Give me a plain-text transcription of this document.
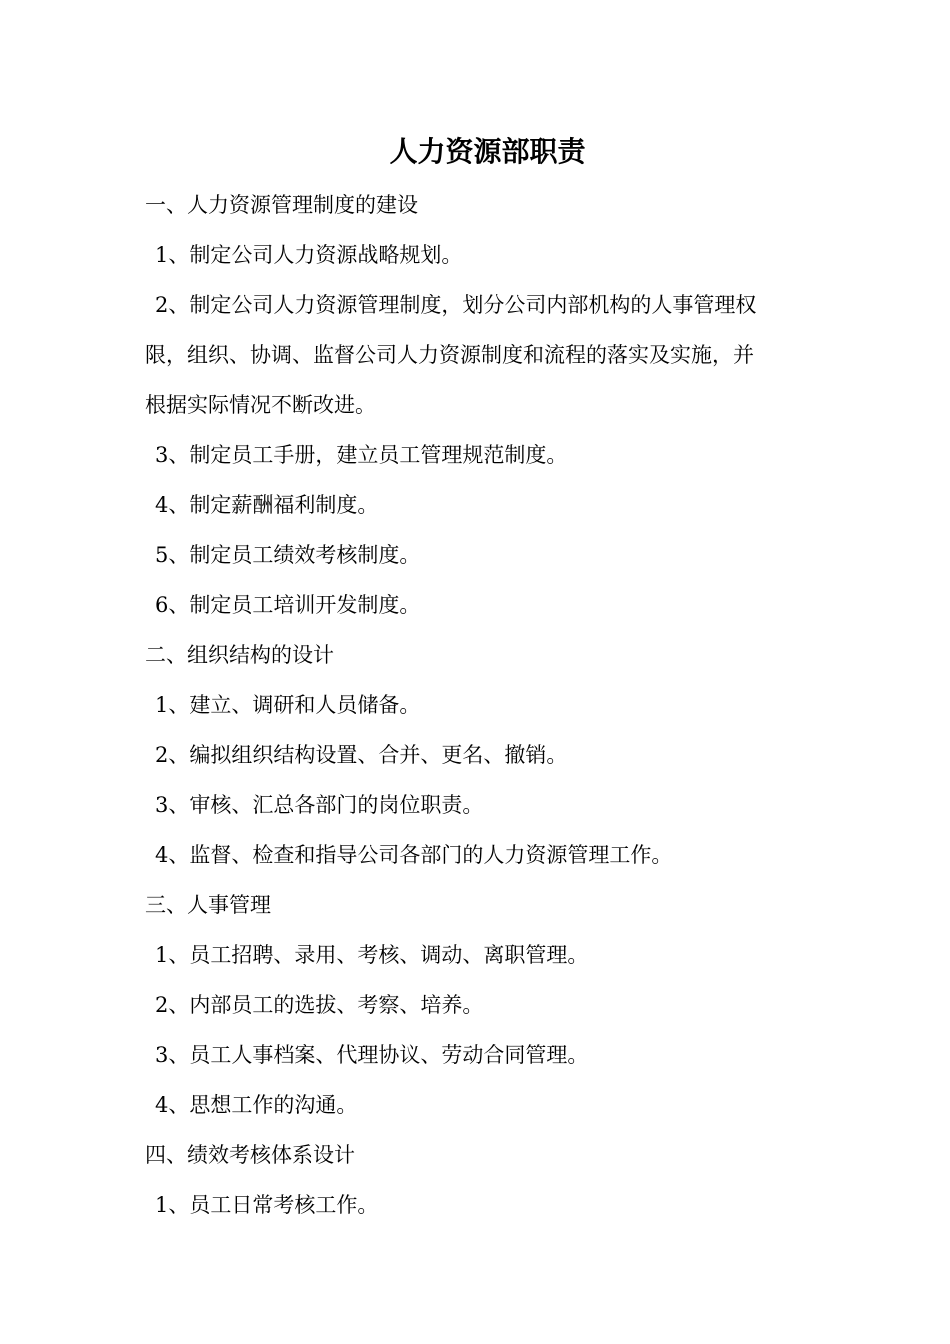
人力资源部职责
一、人力资源管理制度的建设
1、制定公司人力资源战略规划。
2、制定公司人力资源管理制度，划分公司内部机构的人事管理权
限，组织、协调、监督公司人力资源制度和流程的落实及实施，并
根据实际情况不断改进。
3、制定员工手册，建立员工管理规范制度。
4、制定薪酬福利制度。
5、制定员工绩效考核制度。
6、制定员工培训开发制度。
二、组织结构的设计
1、建立、调研和人员储备。
2、编拟组织结构设置、合并、更名、撤销。
3、审核、汇总各部门的岗位职责。
4、监督、检查和指导公司各部门的人力资源管理工作。
三、人事管理
1、员工招聘、录用、考核、调动、离职管理。
2、内部员工的选拔、考察、培养。
3、员工人事档案、代理协议、劳动合同管理。
4、思想工作的沟通。
四、绩效考核体系设计
1、员工日常考核工作。
